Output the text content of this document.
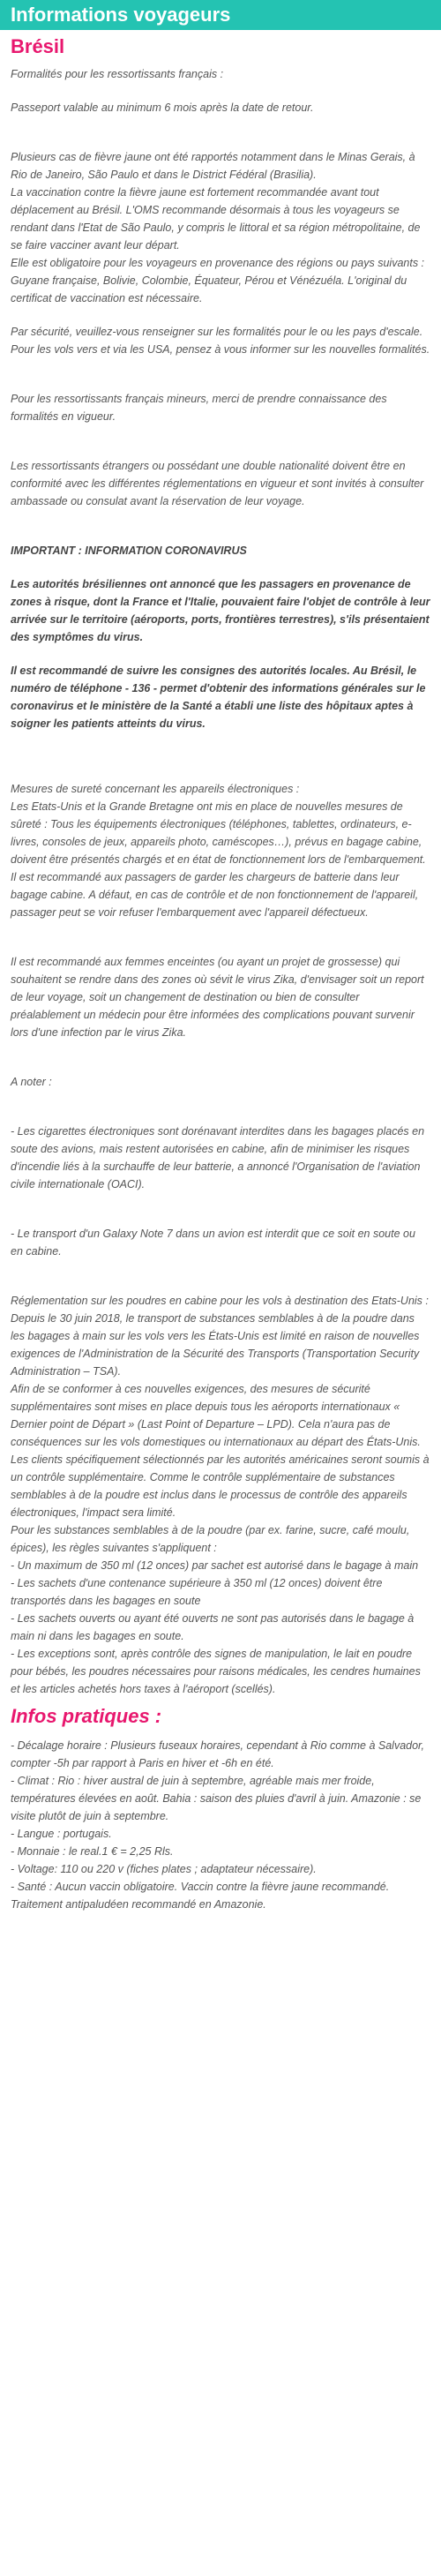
Informations voyageurs
Brésil

Formalités pour les ressortissants français :

Passeport valable au minimum 6 mois après la date de retour.

Plusieurs cas de fièvre jaune ont été rapportés notamment dans le Minas Gerais, à Rio de Janeiro, São Paulo et dans le District Fédéral (Brasilia).

La vaccination contre la fièvre jaune est fortement recommandée avant tout déplacement au Brésil. L'OMS recommande désormais à tous les voyageurs se rendant dans l'Etat de São Paulo, y compris le littoral et sa région métropolitaine, de se faire vacciner avant leur départ.

Elle est obligatoire pour les voyageurs en provenance des régions ou pays suivants : Guyane française, Bolivie, Colombie, Équateur, Pérou et Vénézuéla. L'original du certificat de vaccination est nécessaire.

Par sécurité, veuillez-vous renseigner sur les formalités pour le ou les pays d'escale.

Pour les vols vers et via les USA, pensez à vous informer sur les nouvelles formalités.

Pour les ressortissants français mineurs, merci de prendre connaissance des formalités en vigueur.

Les ressortissants étrangers ou possédant une double nationalité doivent être en conformité avec les différentes réglementations en vigueur et sont invités à consulter ambassade ou consulat avant la réservation de leur voyage.

IMPORTANT : INFORMATION CORONAVIRUS

Les autorités brésiliennes ont annoncé que les passagers en provenance de zones à risque, dont la France et l'Italie, pouvaient faire l'objet de contrôle à leur arrivée sur le territoire (aéroports, ports, frontières terrestres), s'ils présentaient des symptômes du virus.

Il est recommandé de suivre les consignes des autorités locales. Au Brésil, le numéro de téléphone - 136 - permet d'obtenir des informations générales sur le coronavirus et le ministère de la Santé a établi une liste des hôpitaux aptes à soigner les patients atteints du virus.

Mesures de sureté concernant les appareils électroniques :

Les Etats-Unis et la Grande Bretagne ont mis en place de nouvelles mesures de sûreté : Tous les équipements électroniques (téléphones, tablettes, ordinateurs, e-livres, consoles de jeux, appareils photo, caméscopes…), prévus en bagage cabine, doivent être présentés chargés et en état de fonctionnement lors de l'embarquement.

Il est recommandé aux passagers de garder les chargeurs de batterie dans leur bagage cabine. A défaut, en cas de contrôle et de non fonctionnement de l'appareil, passager peut se voir refuser l'embarquement avec l'appareil défectueux.

Il est recommandé aux femmes enceintes (ou ayant un projet de grossesse) qui souhaitent se rendre dans des zones où sévit le virus Zika, d'envisager soit un report de leur voyage, soit un changement de destination ou bien de consulter préalablement un médecin pour être informées des complications pouvant survenir lors d'une infection par le virus Zika.

A noter :

- Les cigarettes électroniques sont dorénavant interdites dans les bagages placés en soute des avions, mais restent autorisées en cabine, afin de minimiser les risques d'incendie liés à la surchauffe de leur batterie, a annoncé l'Organisation de l'aviation civile internationale (OACI).

- Le transport d'un Galaxy Note 7 dans un avion est interdit que ce soit en soute ou en cabine.

Réglementation sur les poudres en cabine pour les vols à destination des Etats-Unis :

Depuis le 30 juin 2018, le transport de substances semblables à de la poudre dans les bagages à main sur les vols vers les États-Unis est limité en raison de nouvelles exigences de l'Administration de la Sécurité des Transports (Transportation Security Administration – TSA).

Afin de se conformer à ces nouvelles exigences, des mesures de sécurité supplémentaires sont mises en place depuis tous les aéroports internationaux « Dernier point de Départ » (Last Point of Departure – LPD). Cela n'aura pas de conséquences sur les vols domestiques ou internationaux au départ des États-Unis.

Les clients spécifiquement sélectionnés par les autorités américaines seront soumis à un contrôle supplémentaire. Comme le contrôle supplémentaire de substances semblables à de la poudre est inclus dans le processus de contrôle des appareils électroniques, l'impact sera limité.

Pour les substances semblables à de la poudre (par ex. farine, sucre, café moulu, épices), les règles suivantes s'appliquent :

- Un maximum de 350 ml (12 onces) par sachet est autorisé dans le bagage à main

- Les sachets d'une contenance supérieure à 350 ml (12 onces) doivent être transportés dans les bagages en soute

- Les sachets ouverts ou ayant été ouverts ne sont pas autorisés dans le bagage à main ni dans les bagages en soute.

- Les exceptions sont, après contrôle des signes de manipulation, le lait en poudre pour bébés, les poudres nécessaires pour raisons médicales, les cendres humaines et les articles achetés hors taxes à l'aéroport (scellés).

Infos pratiques :
- Décalage horaire : Plusieurs fuseaux horaires, cependant à Rio comme à Salvador, compter -5h par rapport à Paris en hiver et -6h en été.
- Climat : Rio : hiver austral de juin à septembre, agréable mais mer froide, températures élevées en août. Bahia : saison des pluies d'avril à juin. Amazonie : se visite plutôt de juin à septembre.
- Langue : portugais.
- Monnaie : le real.1 € = 2,25 Rls.
- Voltage: 110 ou 220 v (fiches plates ; adaptateur nécessaire).
- Santé : Aucun vaccin obligatoire. Vaccin contre la fièvre jaune recommandé. Traitement antipaludéen recommandé en Amazonie.
